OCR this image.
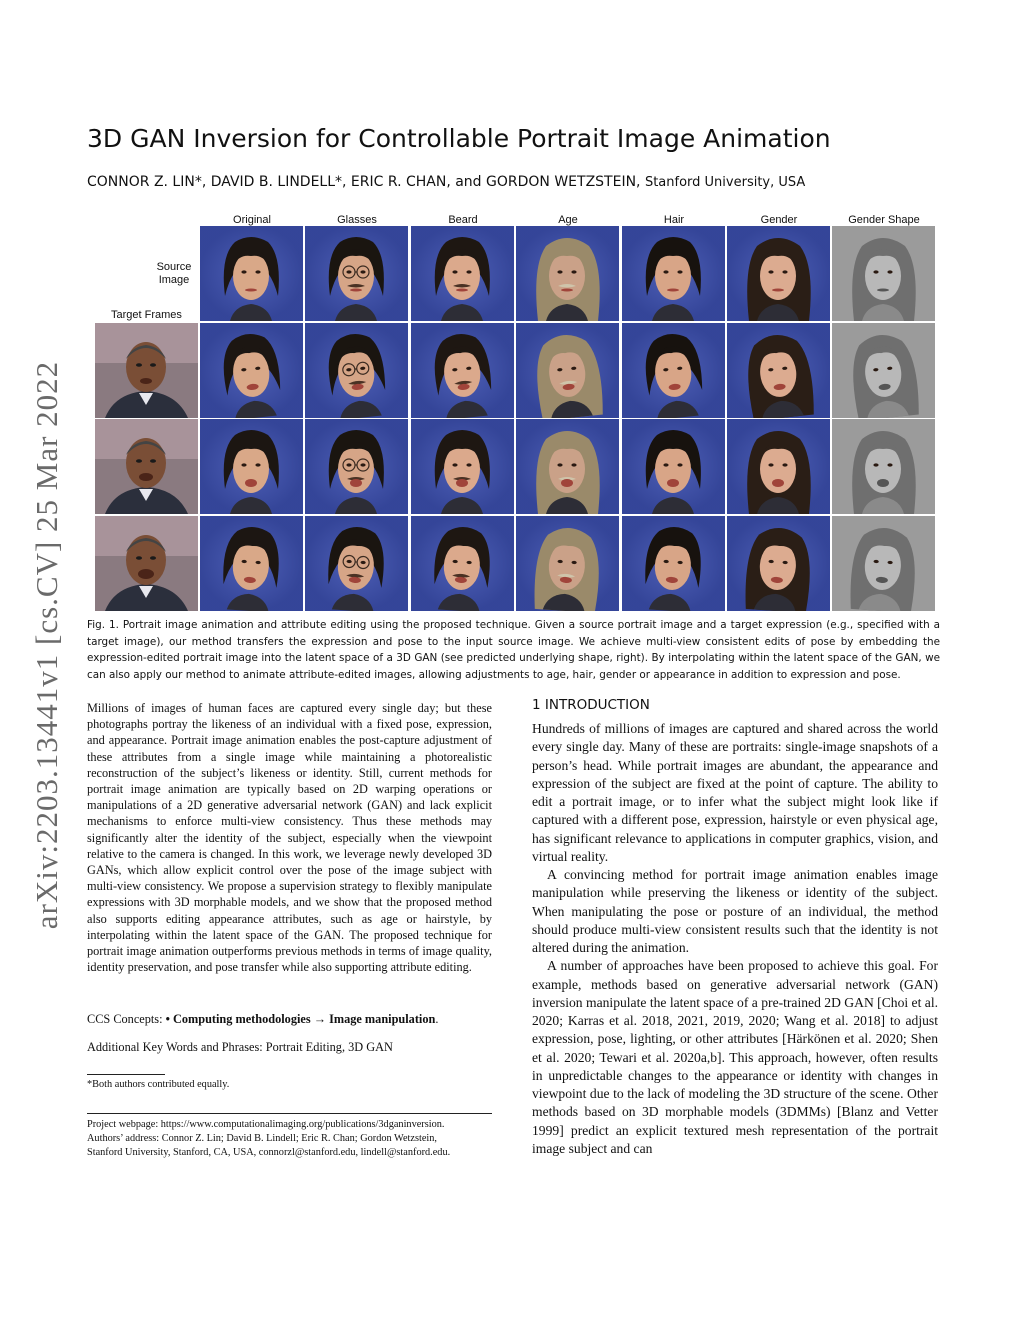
arXiv:2203.13441v1 [cs.CV] 25 Mar 2022
3D GAN Inversion for Controllable Portrait Image Animation
CONNOR Z. LIN*, DAVID B. LINDELL*, ERIC R. CHAN, and GORDON WETZSTEIN, Stanford University, USA
Original	Glasses	Beard	Age	Hair	Gender	Gender Shape
Source
Image
Target Frames
Fig. 1. Portrait image animation and attribute editing using the proposed technique. Given a source portrait image and a target expression (e.g., specified with a target image), our method transfers the expression and pose to the input source image. We achieve multi-view consistent edits of pose by embedding the expression-edited portrait image into the latent space of a 3D GAN (see predicted underlying shape, right). By interpolating within the latent space of the GAN, we can also apply our method to animate attribute-edited images, allowing adjustments to age, hair, gender or appearance in addition to expression and pose.
Millions of images of human faces are captured every single day; but these photographs portray the likeness of an individual with a fixed pose, expression, and appearance. Portrait image animation enables the post-capture adjustment of these attributes from a single image while maintaining a photorealistic reconstruction of the subject’s likeness or identity. Still, current methods for portrait image animation are typically based on 2D warping operations or manipulations of a 2D generative adversarial network (GAN) and lack explicit mechanisms to enforce multi-view consistency. Thus these methods may significantly alter the identity of the subject, especially when the viewpoint relative to the camera is changed. In this work, we leverage newly developed 3D GANs, which allow explicit control over the pose of the image subject with multi-view consistency. We propose a supervision strategy to flexibly manipulate expressions with 3D morphable models, and we show that the proposed method also supports editing appearance attributes, such as age or hairstyle, by interpolating within the latent space of the GAN. The proposed technique for portrait image animation outperforms previous methods in terms of image quality, identity preservation, and pose transfer while also supporting attribute editing.
CCS Concepts: • Computing methodologies → Image manipulation.
Additional Key Words and Phrases: Portrait Editing, 3D GAN
*Both authors contributed equally.
Project webpage: https://www.computationalimaging.org/publications/3dganinversion.
Authors’ address: Connor Z. Lin; David B. Lindell; Eric R. Chan; Gordon Wetzstein,
Stanford University, Stanford, CA, USA, connorzl@stanford.edu, lindell@stanford.edu.
1 INTRODUCTION

Hundreds of millions of images are captured and shared across the world every single day. Many of these are portraits: single-image snapshots of a person’s head. While portrait images are abundant, the appearance and expression of the subject are fixed at the point of capture. The ability to edit a portrait image, or to infer what the subject might look like if captured with a different pose, expression, hairstyle or even physical age, has significant relevance to applications in computer graphics, vision, and virtual reality.

A convincing method for portrait image animation enables image manipulation while preserving the likeness or identity of the subject. When manipulating the pose or posture of an individual, the method should produce multi-view consistent results such that the identity is not altered during the animation.

A number of approaches have been proposed to achieve this goal. For example, methods based on generative adversarial network (GAN) inversion manipulate the latent space of a pre-trained 2D GAN [Choi et al. 2020; Karras et al. 2018, 2021, 2019, 2020; Wang et al. 2018] to adjust expression, pose, lighting, or other attributes [Härkönen et al. 2020; Shen et al. 2020; Tewari et al. 2020a,b]. This approach, however, often results in unpredictable changes to the appearance or identity with changes in viewpoint due to the lack of modeling the 3D structure of the scene. Other methods based on 3D morphable models (3DMMs) [Blanz and Vetter 1999] predict an explicit textured mesh representation of the portrait image subject and can
